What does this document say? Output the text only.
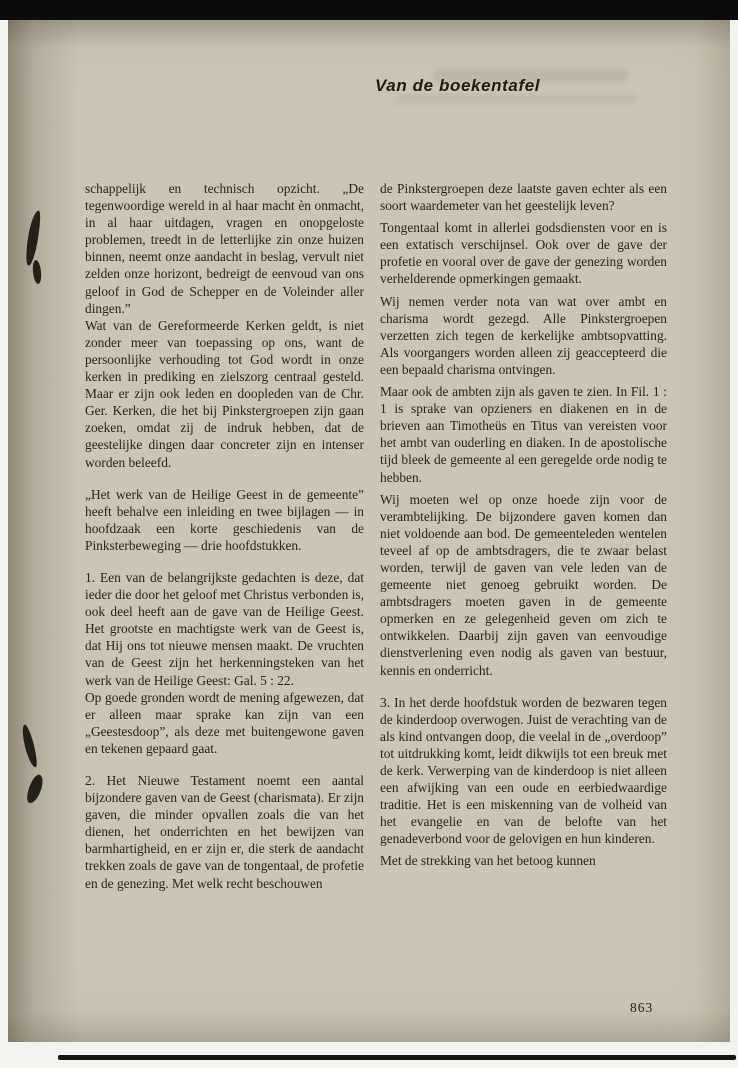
Van de boekentafel

schappelijk en technisch opzicht. „De tegenwoordige wereld in al haar macht èn onmacht, in al haar uitdagen, vragen en onopgeloste problemen, treedt in de letterlijke zin onze huizen binnen, neemt onze aandacht in beslag, vervult niet zelden onze horizont, bedreigt de eenvoud van ons geloof in God de Schepper en de Voleinder aller dingen.”

Wat van de Gereformeerde Kerken geldt, is niet zonder meer van toepassing op ons, want de persoonlijke verhouding tot God wordt in onze kerken in prediking en zielszorg centraal gesteld. Maar er zijn ook leden en doopleden van de Chr. Ger. Kerken, die het bij Pinkstergroepen zijn gaan zoeken, omdat zij de indruk hebben, dat de geestelijke dingen daar concreter zijn en intenser worden beleefd.

„Het werk van de Heilige Geest in de gemeente” heeft behalve een inleiding en twee bijlagen — in hoofdzaak een korte geschiedenis van de Pinksterbeweging — drie hoofdstukken.

1. Een van de belangrijkste gedachten is deze, dat ieder die door het geloof met Christus verbonden is, ook deel heeft aan de gave van de Heilige Geest. Het grootste en machtigste werk van de Geest is, dat Hij ons tot nieuwe mensen maakt. De vruchten van de Geest zijn het herkenningsteken van het werk van de Heilige Geest: Gal. 5 : 22.

Op goede gronden wordt de mening afgewezen, dat er alleen maar sprake kan zijn van een „Geestesdoop”, als deze met buitengewone gaven en tekenen gepaard gaat.

2. Het Nieuwe Testament noemt een aantal bijzondere gaven van de Geest (charismata). Er zijn gaven, die minder opvallen zoals die van het dienen, het onderrichten en het bewijzen van barmhartigheid, en er zijn er, die sterk de aandacht trekken zoals de gave van de tongentaal, de profetie en de genezing. Met welk recht beschouwen

de Pinkstergroepen deze laatste gaven echter als een soort waardemeter van het geestelijk leven?

Tongentaal komt in allerlei godsdiensten voor en is een extatisch verschijnsel. Ook over de gave der profetie en vooral over de gave der genezing worden verhelderende opmerkingen gemaakt.

Wij nemen verder nota van wat over ambt en charisma wordt gezegd. Alle Pinkstergroepen verzetten zich tegen de kerkelijke ambtsopvatting. Als voorgangers worden alleen zij geaccepteerd die een bepaald charisma ontvingen.

Maar ook de ambten zijn als gaven te zien. In Fil. 1 : 1 is sprake van opzieners en diakenen en in de brieven aan Timotheüs en Titus van vereisten voor het ambt van ouderling en diaken. In de apostolische tijd bleek de gemeente al een geregelde orde nodig te hebben.

Wij moeten wel op onze hoede zijn voor de verambtelijking. De bijzondere gaven komen dan niet voldoende aan bod. De gemeenteleden wentelen teveel af op de ambtsdragers, die te zwaar belast worden, terwijl de gaven van vele leden van de gemeente niet genoeg gebruikt worden. De ambtsdragers moeten gaven in de gemeente opmerken en ze gelegenheid geven om zich te ontwikkelen. Daarbij zijn gaven van eenvoudige dienstverlening even nodig als gaven van bestuur, kennis en onderricht.

3. In het derde hoofdstuk worden de bezwaren tegen de kinderdoop overwogen. Juist de verachting van de als kind ontvangen doop, die veelal in de „overdoop” tot uitdrukking komt, leidt dikwijls tot een breuk met de kerk. Verwerping van de kinderdoop is niet alleen een afwijking van een oude en eerbiedwaardige traditie. Het is een miskenning van de volheid van het evangelie en van de belofte van het genadeverbond voor de gelovigen en hun kinderen.

Met de strekking van het betoog kunnen

863
